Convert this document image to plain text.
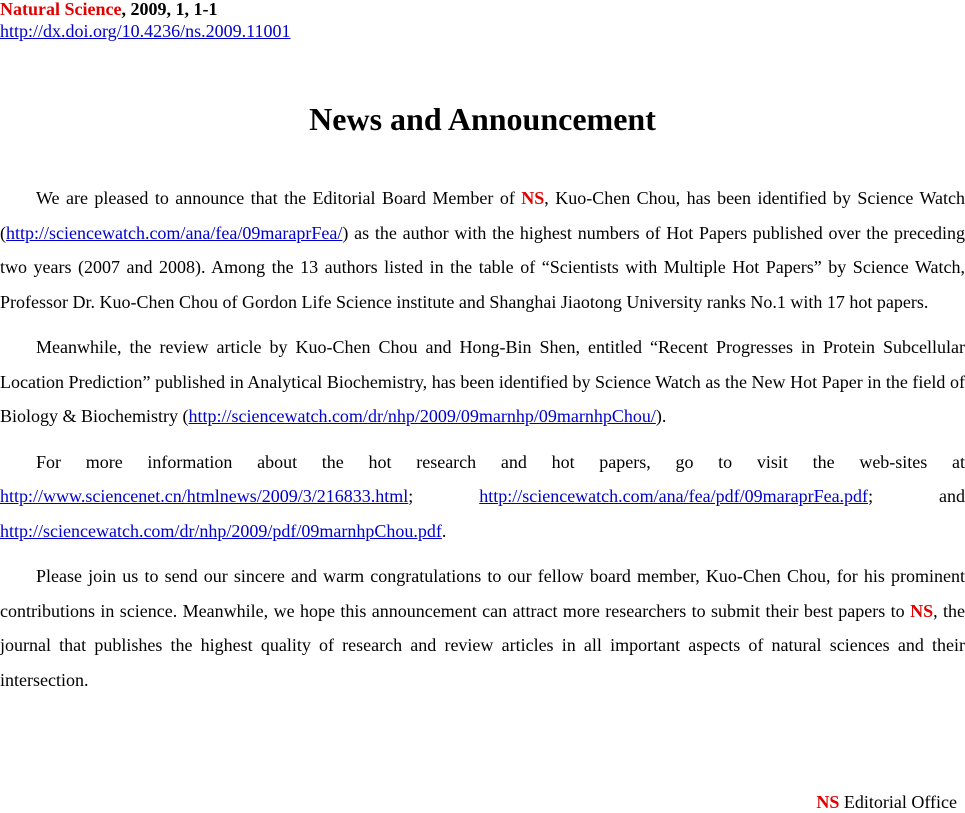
Natural Science, 2009, 1, 1-1
http://dx.doi.org/10.4236/ns.2009.11001
News and Announcement

We are pleased to announce that the Editorial Board Member of NS, Kuo-Chen Chou, has been identified by Science Watch (http://sciencewatch.com/ana/fea/09maraprFea/) as the author with the highest numbers of Hot Papers published over the preceding two years (2007 and 2008). Among the 13 authors listed in the table of “Scientists with Multiple Hot Papers” by Science Watch, Professor Dr. Kuo-Chen Chou of Gordon Life Science institute and Shanghai Jiaotong University ranks No.1 with 17 hot papers.

Meanwhile, the review article by Kuo-Chen Chou and Hong-Bin Shen, entitled “Recent Progresses in Protein Subcellular Location Prediction” published in Analytical Biochemistry, has been identified by Science Watch as the New Hot Paper in the field of Biology & Biochemistry (http://sciencewatch.com/dr/nhp/2009/09marnhp/09marnhpChou/).

For more information about the hot research and hot papers, go to visit the web-sites at http://www.sciencenet.cn/htmlnews/2009/3/216833.html; http://sciencewatch.com/ana/fea/pdf/09maraprFea.pdf; and http://sciencewatch.com/dr/nhp/2009/pdf/09marnhpChou.pdf.

Please join us to send our sincere and warm congratulations to our fellow board member, Kuo-Chen Chou, for his prominent contributions in science. Meanwhile, we hope this announcement can attract more researchers to submit their best papers to NS, the journal that publishes the highest quality of research and review articles in all important aspects of natural sciences and their intersection.

NS Editorial Office
